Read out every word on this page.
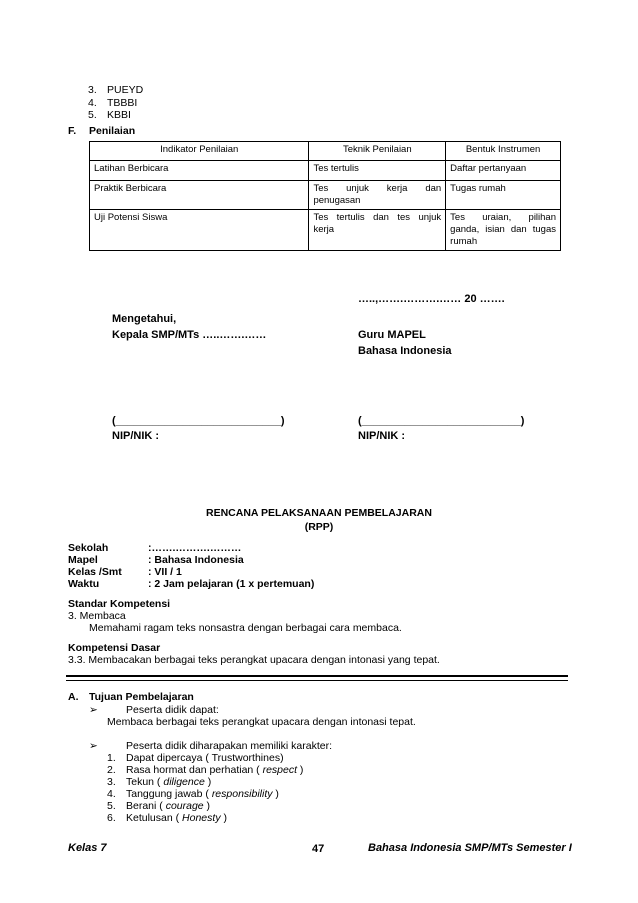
3. PUEYD
4. TBBBI
5. KBBI
F. Penilaian
Indikator Penilaian	Teknik Penilaian	Bentuk Instrumen
Latihan Berbicara	Tes tertulis	Daftar pertanyaan
Praktik Berbicara	Tes unjuk kerja dan penugasan	Tugas rumah
Uji Potensi Siswa	Tes tertulis dan tes unjuk kerja	Tes uraian, pilihan ganda, isian dan tugas rumah
…..,…….……….…… 20 …….
Mengetahui,
Kepala SMP/MTs …..…….……	Guru MAPEL
Bahasa Indonesia
(___________________________)	(__________________________)
NIP/NIK :	NIP/NIK :
RENCANA PELAKSANAAN PEMBELAJARAN
(RPP)
Sekolah	:…….……….………
Mapel	: Bahasa Indonesia
Kelas /Smt	: VII / 1
Waktu	: 2 Jam pelajaran (1 x pertemuan)
Standar Kompetensi
3. Membaca
Memahami ragam teks nonsastra dengan berbagai cara membaca.
Kompetensi Dasar
3.3. Membacakan berbagai teks perangkat upacara dengan intonasi yang tepat.
A. Tujuan Pembelajaran
➢	Peserta didik dapat:
Membaca berbagai teks perangkat upacara dengan intonasi tepat.
➢	Peserta didik diharapakan memiliki karakter:
1. Dapat dipercaya ( Trustworthines)
2. Rasa hormat dan perhatian ( respect )
3. Tekun ( diligence )
4. Tanggung jawab ( responsibility )
5. Berani ( courage )
6. Ketulusan ( Honesty )
Kelas 7	47	Bahasa Indonesia SMP/MTs Semester I
